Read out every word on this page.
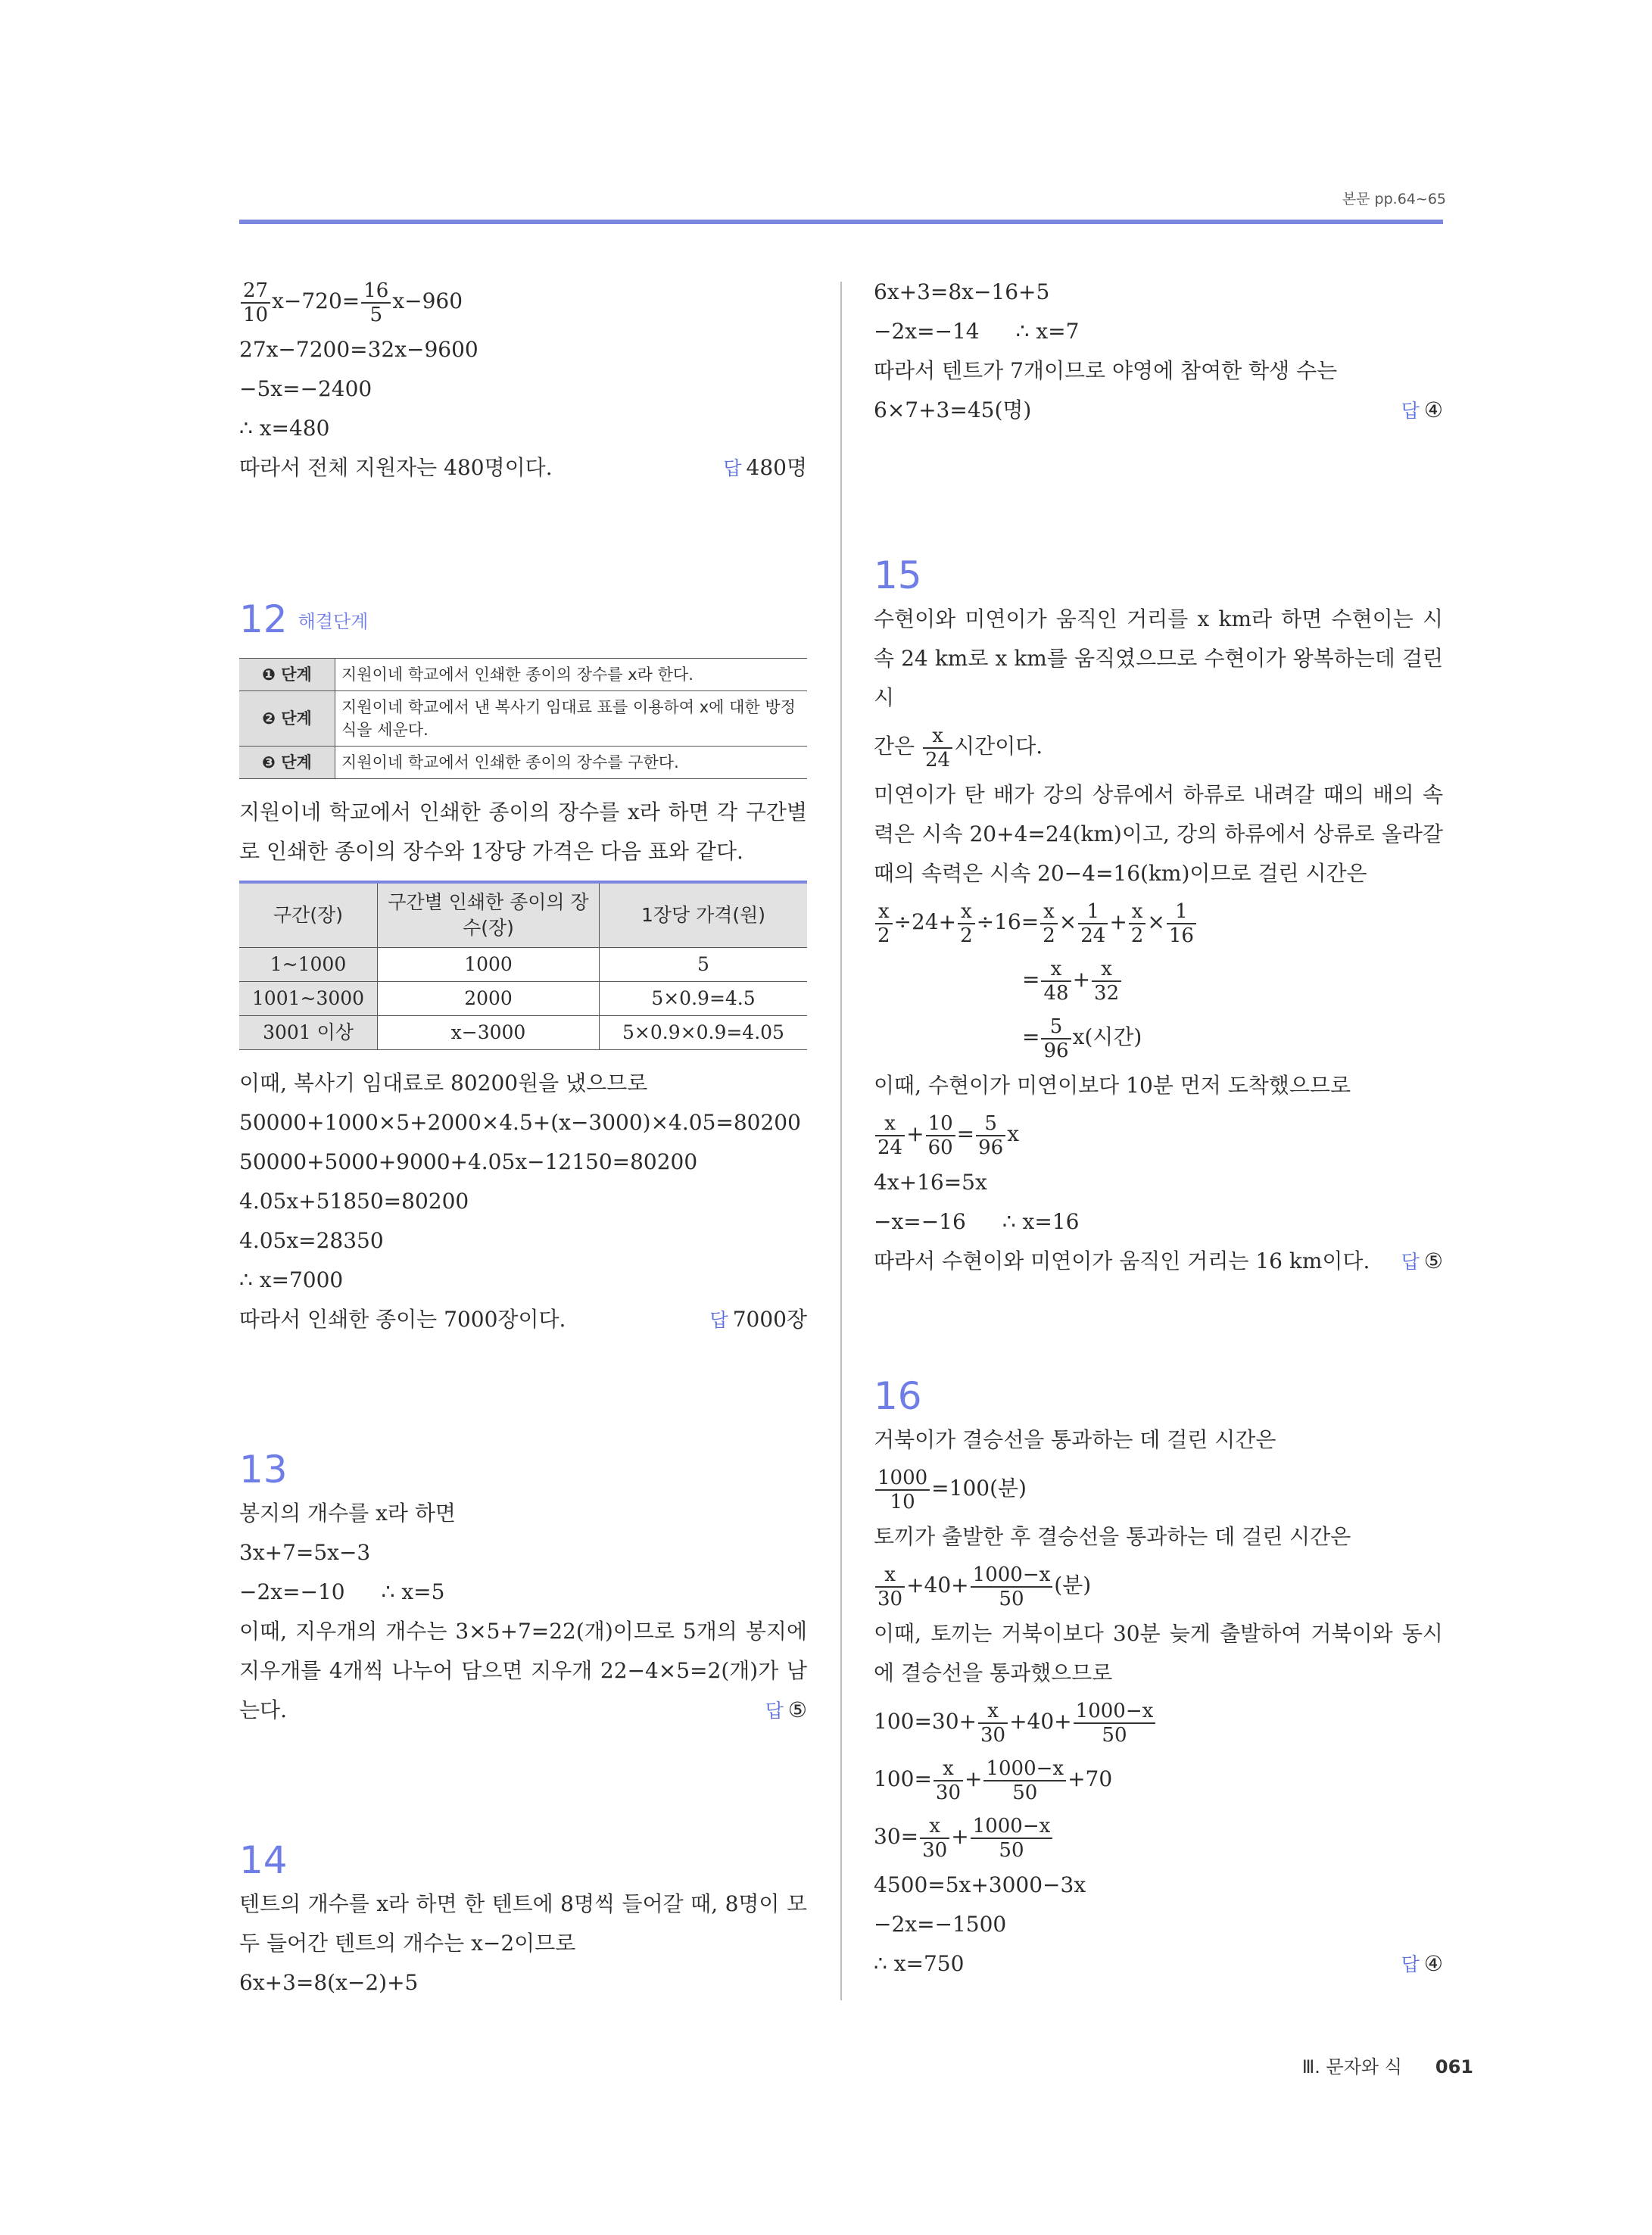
본문 pp.64~65
$\frac{27}{10} x-720= \frac{16}{5} x-960$
27x−7200=32x−9600
−5x=−2400
∴ x=480
따라서 전체 지원자는 480명이다.	답 480명
12 $^{해결단계}$
❶ 단계	지원이네 학교에서 인쇄한 종이의 장수를 x라 한다.
❷ 단계	지원이네 학교에서 낸 복사기 임대료 표를 이용하여 x에 대한 방정식을 세운다.
❸ 단계	지원이네 학교에서 인쇄한 종이의 장수를 구한다.
지원이네 학교에서 인쇄한 종이의 장수를 x라 하면 각 구간별로 인쇄한 종이의 장수와 1장당 가격은 다음 표와 같다.
구간(장)	구간별 인쇄한 종이의 장수(장)	1장당 가격(원)
1~1000	1000	5
1001~3000	2000	5×0.9=4.5
3001 이상	x−3000	5×0.9×0.9=4.05
이때, 복사기 임대료로 80200원을 냈으므로
50000+1000×5+2000×4.5+(x−3000)×4.05=80200
50000+5000+9000+4.05x−12150=80200
4.05x+51850=80200
4.05x=28350
∴ x=7000
따라서 인쇄한 종이는 7000장이다.	답 7000장
13
봉지의 개수를 x라 하면
3x+7=5x−3
−2x=−10 ∴ x=5
이때, 지우개의 개수는 3×5+7=22(개)이므로 5개의 봉지에 지우개를 4개씩 나누어 담으면 지우개 22−4×5=2(개)가 남는다.	답 ⑤
14
텐트의 개수를 x라 하면 한 텐트에 8명씩 들어갈 때, 8명이 모두 들어간 텐트의 개수는 x−2이므로
6x+3=8(x−2)+5
6x+3=8x−16+5
−2x=−14 ∴ x=7
따라서 텐트가 7개이므로 야영에 참여한 학생 수는
6×7+3=45(명)	답 ④
15
수현이와 미연이가 움직인 거리를 x km라 하면 수현이는 시속 24 km로 x km를 움직였으므로 수현이가 왕복하는데 걸린 시
간은 $\frac{x}{24}$ 시간이다.
미연이가 탄 배가 강의 상류에서 하류로 내려갈 때의 배의 속력은 시속 20+4=24(km)이고, 강의 하류에서 상류로 올라갈 때의 속력은 시속 20−4=16(km)이므로 걸린 시간은
$\frac{x}{2} \div 24+ \frac{x}{2} \div 16= \frac{x}{2} \times \frac{1}{24} + \frac{x}{2} \times \frac{1}{16}$
= $\frac{x}{48} + \frac{x}{32}$
= $\frac{5}{96} x$(시간)
이때, 수현이가 미연이보다 10분 먼저 도착했으므로
$\frac{x}{24} + \frac{10}{60} = \frac{5}{96}$ x
4x+16=5x
−x=−16 ∴ x=16
따라서 수현이와 미연이가 움직인 거리는 16 km이다. 답 ⑤
16
거북이가 결승선을 통과하는 데 걸린 시간은
$\frac{1000}{10} =100$(분)
토끼가 출발한 후 결승선을 통과하는 데 걸린 시간은
$\frac{x}{30} +40+ \frac{1000-x}{50}$ (분)
이때, 토끼는 거북이보다 30분 늦게 출발하여 거북이와 동시에 결승선을 통과했으므로
$100=30+ \frac{x}{30} +40+ \frac{1000-x}{50}$
$100= \frac{x}{30} + \frac{1000-x}{50} +70$
$30= \frac{x}{30} + \frac{1000-x}{50}$
4500=5x+3000−3x
−2x=−1500
∴ x=750	답 ④
Ⅲ. 문자와 식 061
